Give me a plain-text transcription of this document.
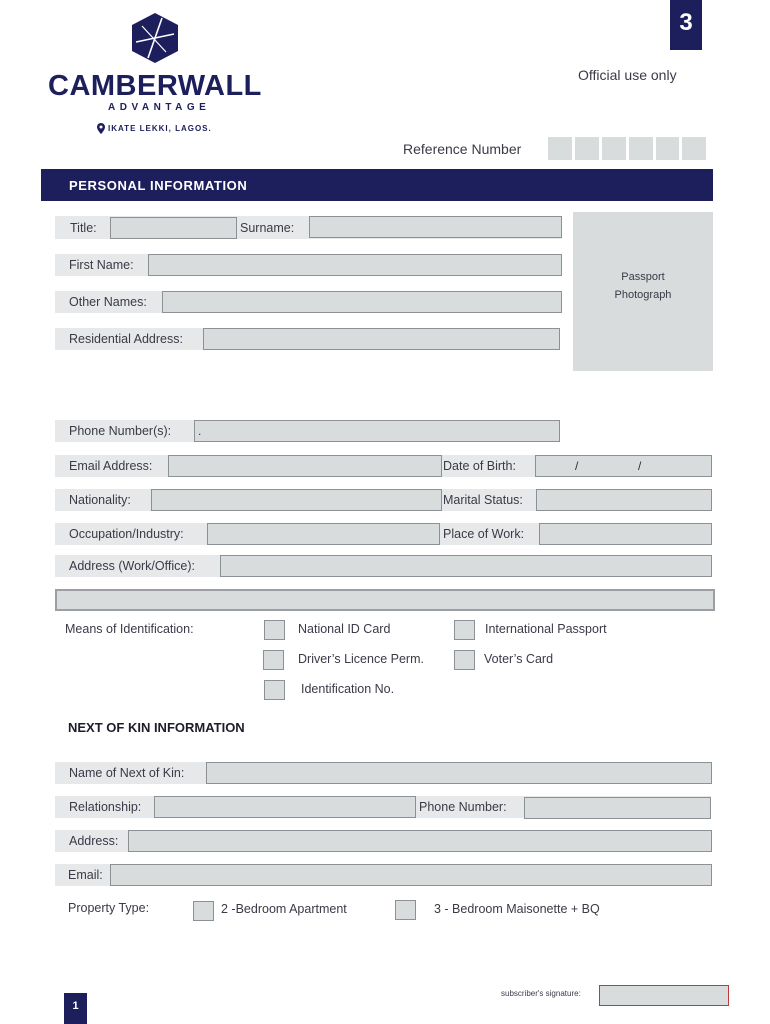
CAMBERWALL
ADVANTAGE
IKATE LEKKI, LAGOS.
3
Official use only
Reference Number
PERSONAL INFORMATION
Passport
Photograph
Title:	Surname:
First Name:
Other Names:
Residential Address:
Phone Number(s): .
Email Address:	Date of Birth:	/	/
Nationality:	Marital Status:
Occupation/Industry:	Place of Work:
Address (Work/Office):
Means of Identification:	National ID Card	International Passport
Driver’s Licence Perm.	Voter’s Card
Identification No.
NEXT OF KIN INFORMATION
Name of Next of Kin:
Relationship:	Phone Number:
Address:
Email:
Property Type:	2 -Bedroom Apartment	3 - Bedroom Maisonette + BQ
1
subscriber's signature:
